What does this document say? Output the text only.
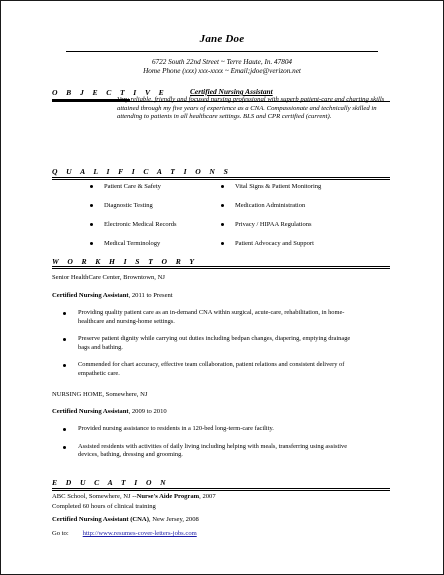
Jane Doe
6722 South 22nd Street ~ Terre Haute, In. 47804
Home Phone (xxx) xxx-xxxx ~ Email;jdoe@verizon.net
O B J E C T I V E	Certified Nursing Assistant
Very reliable, friendly and focused nursing professional with superb patient-care and charting skills attained through my five years of experience as a CNA. Compassionate and technically skilled in attending to patients in all healthcare settings. BLS and CPR certified (current).
Q U A L I F I C A T I O N S
Patient Care & Safety
Diagnostic Testing
Electronic Medical Records
Medical Terminology
Vital Signs & Patient Monitoring
Medication Administration
Privacy / HIPAA Regulations
Patient Advocacy and Support
W O R K H I S T O R Y
Senior HealthCare Center, Browntown, NJ
Certified Nursing Assistant, 2011 to Present
Providing quality patient care as an in-demand CNA within surgical, acute-care, rehabilitation, in home-healthcare and nursing-home settings.
Preserve patient dignity while carrying out duties including bedpan changes, diapering, emptying drainage bags and bathing.
Commended for chart accuracy, effective team collaboration, patient relations and consistent delivery of empathetic care.
NURSING HOME, Somewhere, NJ
Certified Nursing Assistant, 2009 to 2010
Provided nursing assistance to residents in a 120-bed long-term-care facility.
Assisted residents with activities of daily living including helping with meals, transferring using assistive devices, bathing, dressing and grooming.
E D U C A T I O N
ABC School, Somewhere, NJ --Nurse's Aide Program, 2007
Completed 60 hours of clinical training
Certified Nursing Assistant (CNA), New Jersey, 2008
Go to: http://www.resumes-cover-letters-jobs.com
